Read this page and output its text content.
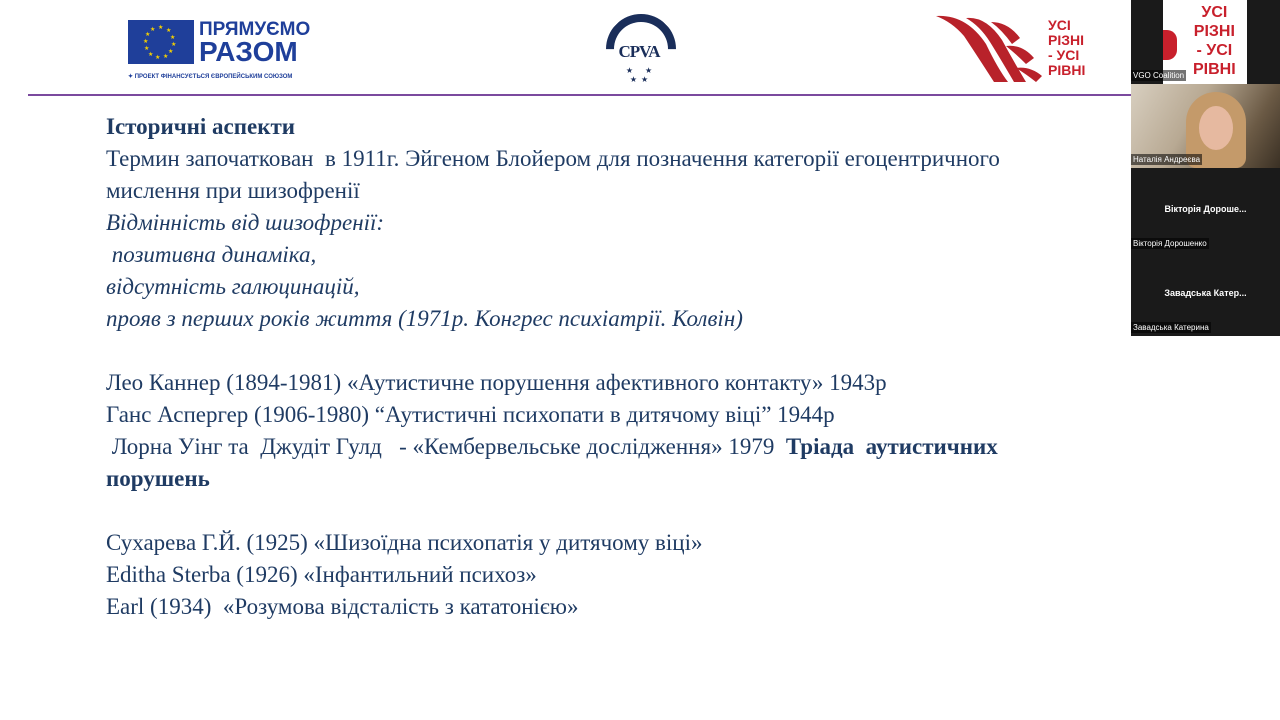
★ ★
★
★
★
★
★
★
★
★
★
★ ПРЯМУЄМО
РАЗОМ
✦ ПРОЕКТ ФІНАНСУЄТЬСЯ ЄВРОПЕЙСЬКИМ СОЮЗОМ
CPVA
★      ★
★  ★
УСІ
РІЗНІ
- УСІ
РІВНІ
Історичні аспекти
Термин започаткован  в 1911г. Эйгеном Блойером для позначення категорії егоцентричного
мислення при шизофренії
Відмінність від шизофренії:
позитивна динаміка,
відсутність галюцинацій,
прояв з перших років життя (1971р. Конгрес психіатрії. Колвін)
Лео Каннер (1894-1981) «Аутистичне порушення афективного контакту» 1943р
Ганс Аспергер (1906-1980) “Аутистичні психопати в дитячому віці” 1944р
Лорна Уінг та  Джудіт Гулд   - «Кембервельське дослідження» 1979  Тріада  аутистичних
порушень
Сухарева Г.Й. (1925) «Шизоїдна психопатія у дитячому віці»
Editha Sterba (1926) «Інфантильний психоз»
Earl (1934)  «Розумова відсталість з кататонією»
УСІ
РІЗНІ
- УСІ
РІВНІ
VGO Coalition
Наталія Андреєва
Вікторія Дороше...
Вікторія Дорошенко
Завадська Катер...
Завадська Катерина
